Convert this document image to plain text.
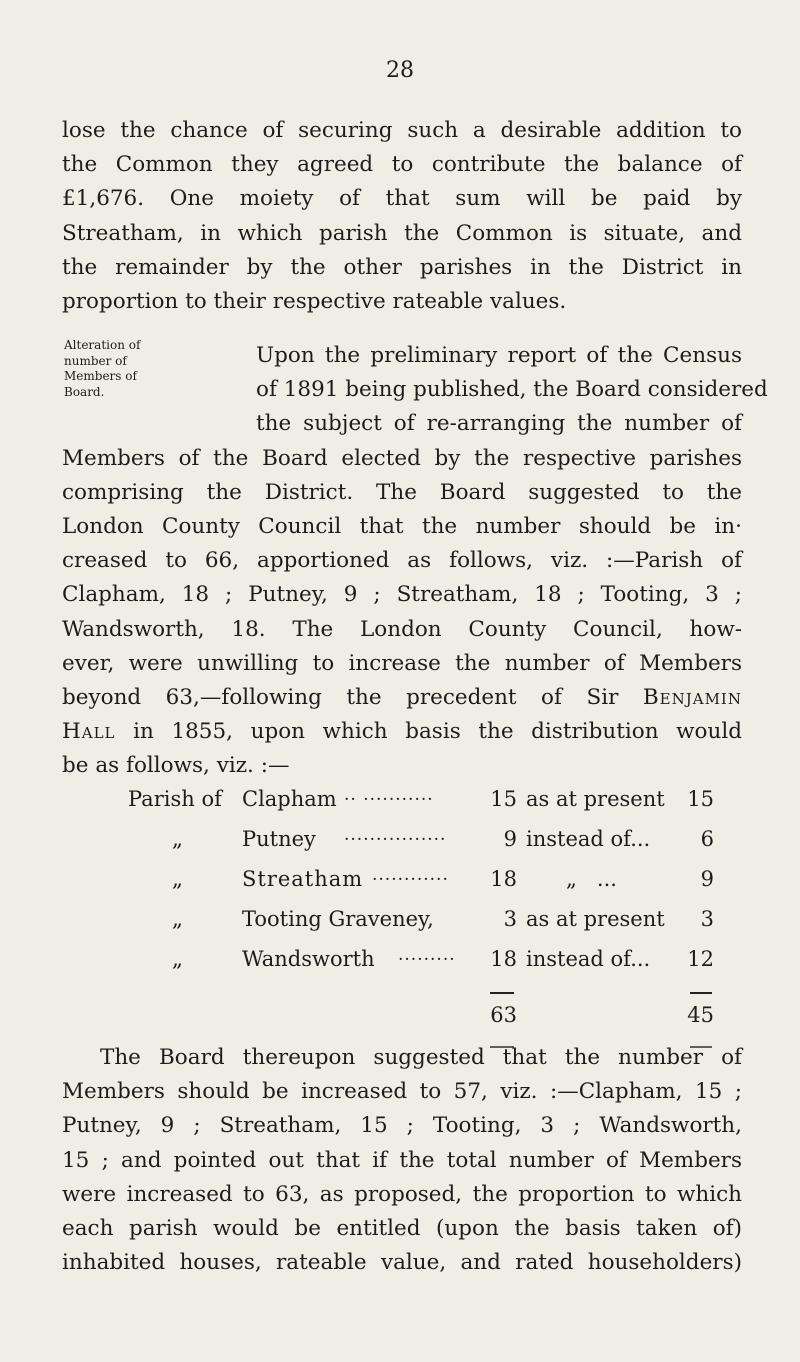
28
lose the chance of securing such a desirable addition to
the Common they agreed to contribute the balance of
£1,676. One moiety of that sum will be paid by
Streatham, in which parish the Common is situate, and
the remainder by the other parishes in the District in
proportion to their respective rateable values.
Alteration of
number of
Members of
Board.
Upon the preliminary report of the Census
of 1891 being published, the Board considered
the subject of re-arranging the number of
Members of the Board elected by the respective parishes
comprising the District. The Board suggested to the
London County Council that the number should be in·
creased to 66, apportioned as follows, viz. :—Parish of
Clapham, 18 ; Putney, 9 ; Streatham, 18 ; Tooting, 3 ;
Wandsworth, 18. The London County Council, how-
ever, were unwilling to increase the number of Members
beyond 63,—following the precedent of Sir Benjamin
Hall in 1855, upon which basis the distribution would
be as follows, viz. :—
Parish of Clapham .. ...........	15 as at present	15
„	Putney ................	9 instead of...	6
„	Streatham ............	18 „   ...	9
„	Tooting Graveney,	3 as at present	3
„	Wandsworth .........	18 instead of...	12
63	45
The Board thereupon suggested that the number of
Members should be increased to 57, viz. :—Clapham, 15 ;
Putney, 9 ; Streatham, 15 ; Tooting, 3 ; Wandsworth,
15 ; and pointed out that if the total number of Members
were increased to 63, as proposed, the proportion to which
each parish would be entitled (upon the basis taken of)
inhabited houses, rateable value, and rated householders)
